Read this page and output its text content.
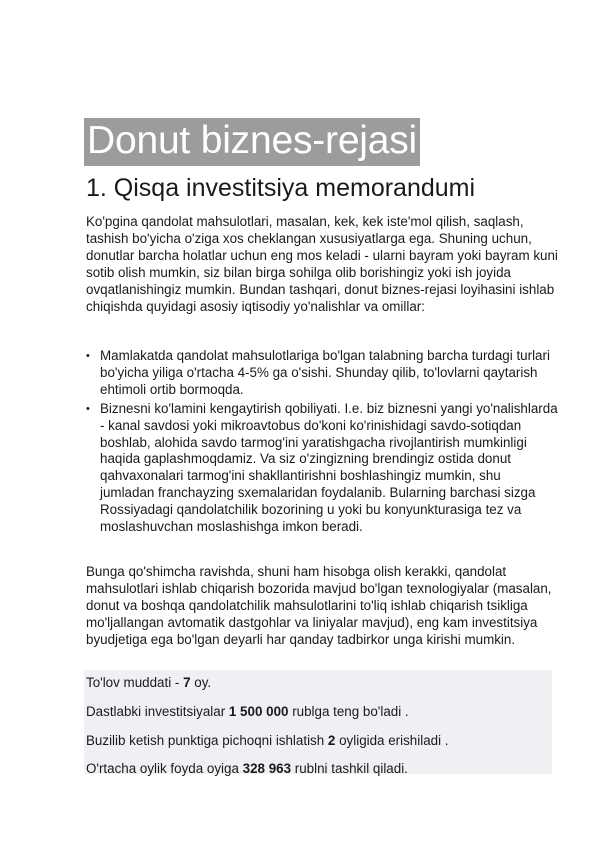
Donut biznes-rejasi
1. Qisqa investitsiya memorandumi

Ko'pgina qandolat mahsulotlari, masalan, kek, kek iste'mol qilish, saqlash, tashish bo'yicha o'ziga xos cheklangan xususiyatlarga ega. Shuning uchun, donutlar barcha holatlar uchun eng mos keladi - ularni bayram yoki bayram kuni sotib olish mumkin, siz bilan birga sohilga olib borishingiz yoki ish joyida ovqatlanishingiz mumkin. Bundan tashqari, donut biznes-rejasi loyihasini ishlab chiqishda quyidagi asosiy iqtisodiy yo'nalishlar va omillar:

• Mamlakatda qandolat mahsulotlariga bo'lgan talabning barcha turdagi turlari bo'yicha yiliga o'rtacha 4-5% ga o'sishi. Shunday qilib, to'lovlarni qaytarish ehtimoli ortib bormoqda.
• Biznesni ko'lamini kengaytirish qobiliyati. I.e. biz biznesni yangi yo'nalishlarda - kanal savdosi yoki mikroavtobus do'koni ko'rinishidagi savdo-sotiqdan boshlab, alohida savdo tarmog'ini yaratishgacha rivojlantirish mumkinligi haqida gaplashmoqdamiz. Va siz o'zingizning brendingiz ostida donut qahvaxonalari tarmog'ini shakllantirishni boshlashingiz mumkin, shu jumladan franchayzing sxemalaridan foydalanib. Bularning barchasi sizga Rossiyadagi qandolatchilik bozorining u yoki bu konyunkturasiga tez va moslashuvchan moslashishga imkon beradi.

Bunga qo'shimcha ravishda, shuni ham hisobga olish kerakki, qandolat mahsulotlari ishlab chiqarish bozorida mavjud bo'lgan texnologiyalar (masalan, donut va boshqa qandolatchilik mahsulotlarini to'liq ishlab chiqarish tsikliga mo'ljallangan avtomatik dastgohlar va liniyalar mavjud), eng kam investitsiya byudjetiga ega bo'lgan deyarli har qanday tadbirkor unga kirishi mumkin.

To'lov muddati - 7 oy.

Dastlabki investitsiyalar 1 500 000 rublga teng bo'ladi .

Buzilib ketish punktiga pichoqni ishlatish 2 oyligida erishiladi .

O'rtacha oylik foyda oyiga 328 963 rublni tashkil qiladi.
